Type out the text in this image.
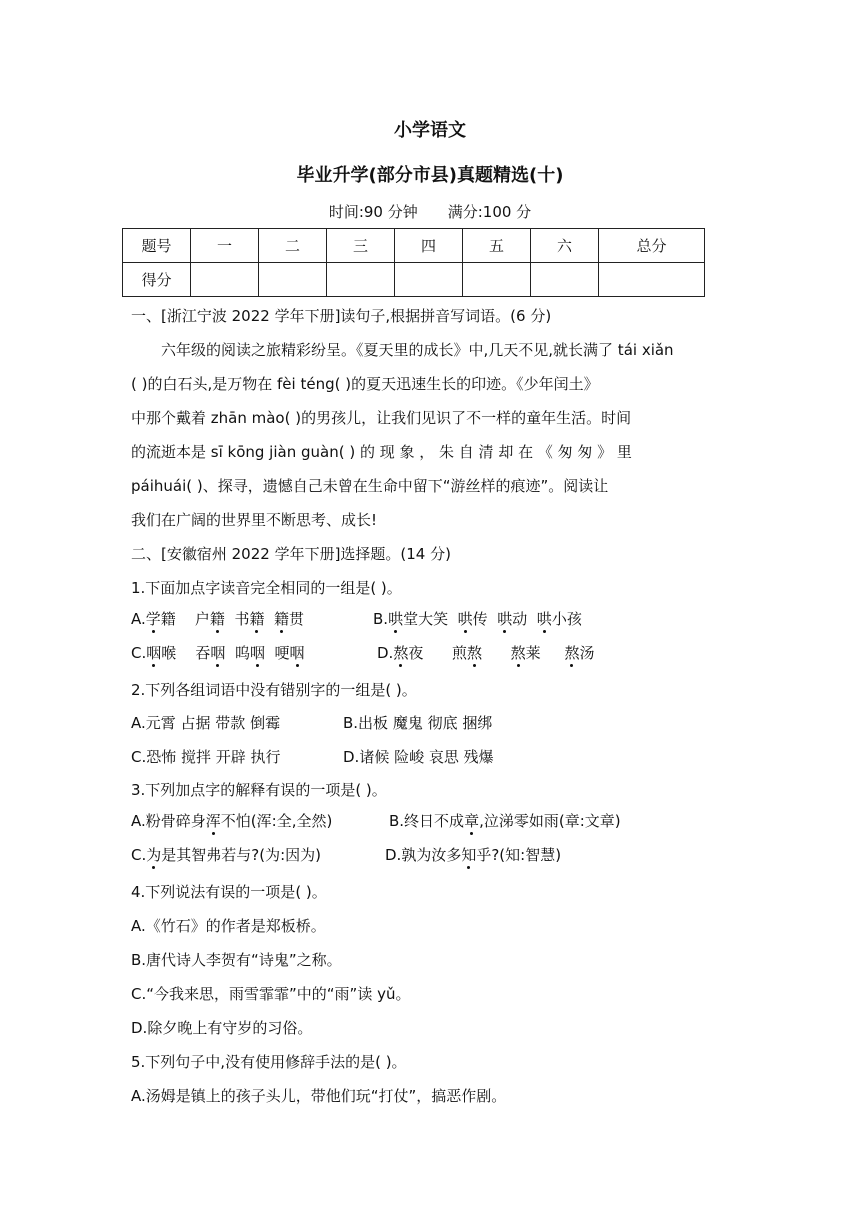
小学语文
毕业升学(部分市县)真题精选(十)
时间:90 分钟 满分:100 分
题号	一	二	三	四	五	六	总分
得分							
一、[浙江宁波 2022 学年下册]读句子,根据拼音写词语。(6 分)
六年级的阅读之旅精彩纷呈。《夏天里的成长》中,几天不见,就长满了 tái xiǎn
( )的白石头,是万物在 fèi téng( )的夏天迅速生长的印迹。《少年闰土》
中那个戴着 zhān mào( )的男孩儿，让我们见识了不一样的童年生活。时间
的流逝本是 sī kōng jiàn guàn( ) 的 现 象 ， 朱 自 清 却 在 《 匆 匆 》 里
páihuái( )、探寻，遗憾自己未曾在生命中留下“游丝样的痕迹”。阅读让
我们在广阔的世界里不断思考、成长!
二、[安徽宿州 2022 学年下册]选择题。(14 分)
1.下面加点字读音完全相同的一组是( )。
A.学籍 户籍 书籍 籍贯	B.哄堂大笑 哄传 哄动 哄小孩
C.咽喉 吞咽 呜咽 哽咽	D.熬夜 煎熬 熬莱 熬汤
2.下列各组词语中没有错别字的一组是( )。
A.元霄 占据 带款 倒霉	B.出板 魔鬼 彻底 捆绑
C.恐怖 搅拌 开辟 执行	D.诸候 险峻 哀思 残爆
3.下列加点字的解释有误的一项是( )。
A.粉骨碎身浑不怕(浑:全,全然)	B.终日不成章,泣涕零如雨(章:文章)
C.为是其智弗若与?(为:因为)	D.孰为汝多知乎?(知:智慧)
4.下列说法有误的一项是( )。
A.《竹石》的作者是郑板桥。
B.唐代诗人李贺有“诗鬼”之称。
C.“今我来思，雨雪霏霏”中的“雨”读 yǔ。
D.除夕晚上有守岁的习俗。
5.下列句子中,没有使用修辞手法的是( )。
A.汤姆是镇上的孩子头儿，带他们玩“打仗”，搞恶作剧。
